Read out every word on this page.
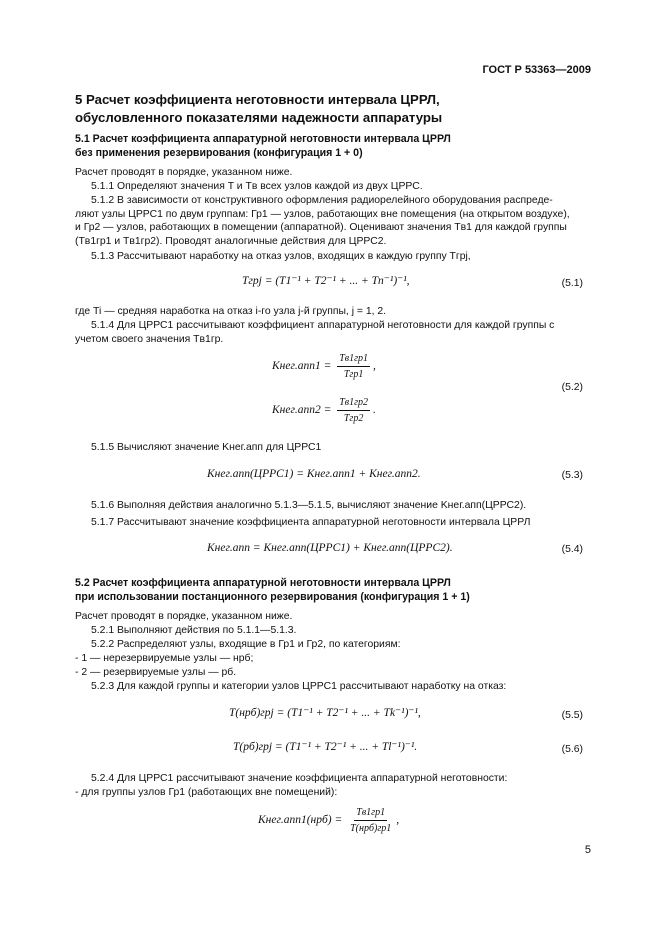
ГОСТ Р 53363—2009
5 Расчет коэффициента неготовности интервала ЦРРЛ,
обусловленного показателями надежности аппаратуры
5.1 Расчет коэффициента аппаратурной неготовности интервала ЦРРЛ
без применения резервирования (конфигурация 1 + 0)
Расчет проводят в порядке, указанном ниже.
5.1.1 Определяют значения T и Tв всех узлов каждой из двух ЦРРС.
5.1.2 В зависимости от конструктивного оформления радиорелейного оборудования распреде-
ляют узлы ЦРРС1 по двум группам: Гр1 — узлов, работающих вне помещения (на открытом воздухе),
и Гр2 — узлов, работающих в помещении (аппаратной). Оценивают значения Tв1 для каждой группы
(Tв1гр1 и Tв1гр2). Проводят аналогичные действия для ЦРРС2.
5.1.3 Рассчитывают наработку на отказ узлов, входящих в каждую группу Tгрj,
Tгрj = (T1⁻¹ + T2⁻¹ + ... + Tn⁻¹)⁻¹,	(5.1)
где Ti — средняя наработка на отказ i-го узла j-й группы, j = 1, 2.
5.1.4 Для ЦРРС1 рассчитывают коэффициент аппаратурной неготовности для каждой группы с
учетом своего значения Tв1гр.
Kнег.апп1 = $\frac{Tв1гр1}{\text{Tгр1}}$ ,
(5.2)
Kнег.апп2 = $\frac{Tв1гр2}{\text{Tгр2}}$ .
5.1.5 Вычисляют значение Kнег.апп для ЦРРС1
Kнег.апп(ЦРРС1) = Kнег.апп1 + Kнег.апп2.	(5.3)
5.1.6 Выполняя действия аналогично 5.1.3—5.1.5, вычисляют значение Kнег.апп(ЦРРС2).
5.1.7 Рассчитывают значение коэффициента аппаратурной неготовности интервала ЦРРЛ
Kнег.апп = Kнег.апп(ЦРРС1) + Kнег.апп(ЦРРС2).	(5.4)
5.2 Расчет коэффициента аппаратурной неготовности интервала ЦРРЛ
при использовании постанционного резервирования (конфигурация 1 + 1)
Расчет проводят в порядке, указанном ниже.
5.2.1 Выполняют действия по 5.1.1—5.1.3.
5.2.2 Распределяют узлы, входящие в Гр1 и Гр2, по категориям:
- 1 — нерезервируемые узлы — нрб;
- 2 — резервируемые узлы — рб.
5.2.3 Для каждой группы и категории узлов ЦРРС1 рассчитывают наработку на отказ:
T(нрб)грj = (T1⁻¹ + T2⁻¹ + ... + Tk⁻¹)⁻¹,	(5.5)
T(рб)грj = (T1⁻¹ + T2⁻¹ + ... + Tl⁻¹)⁻¹.	(5.6)
5.2.4 Для ЦРРС1 рассчитывают значение коэффициента аппаратурной неготовности:
- для группы узлов Гр1 (работающих вне помещений):
Kнег.апп1(нрб) = $\frac{Tв1гр1}{\text{T(нрб)гр1}}$ ,
5
